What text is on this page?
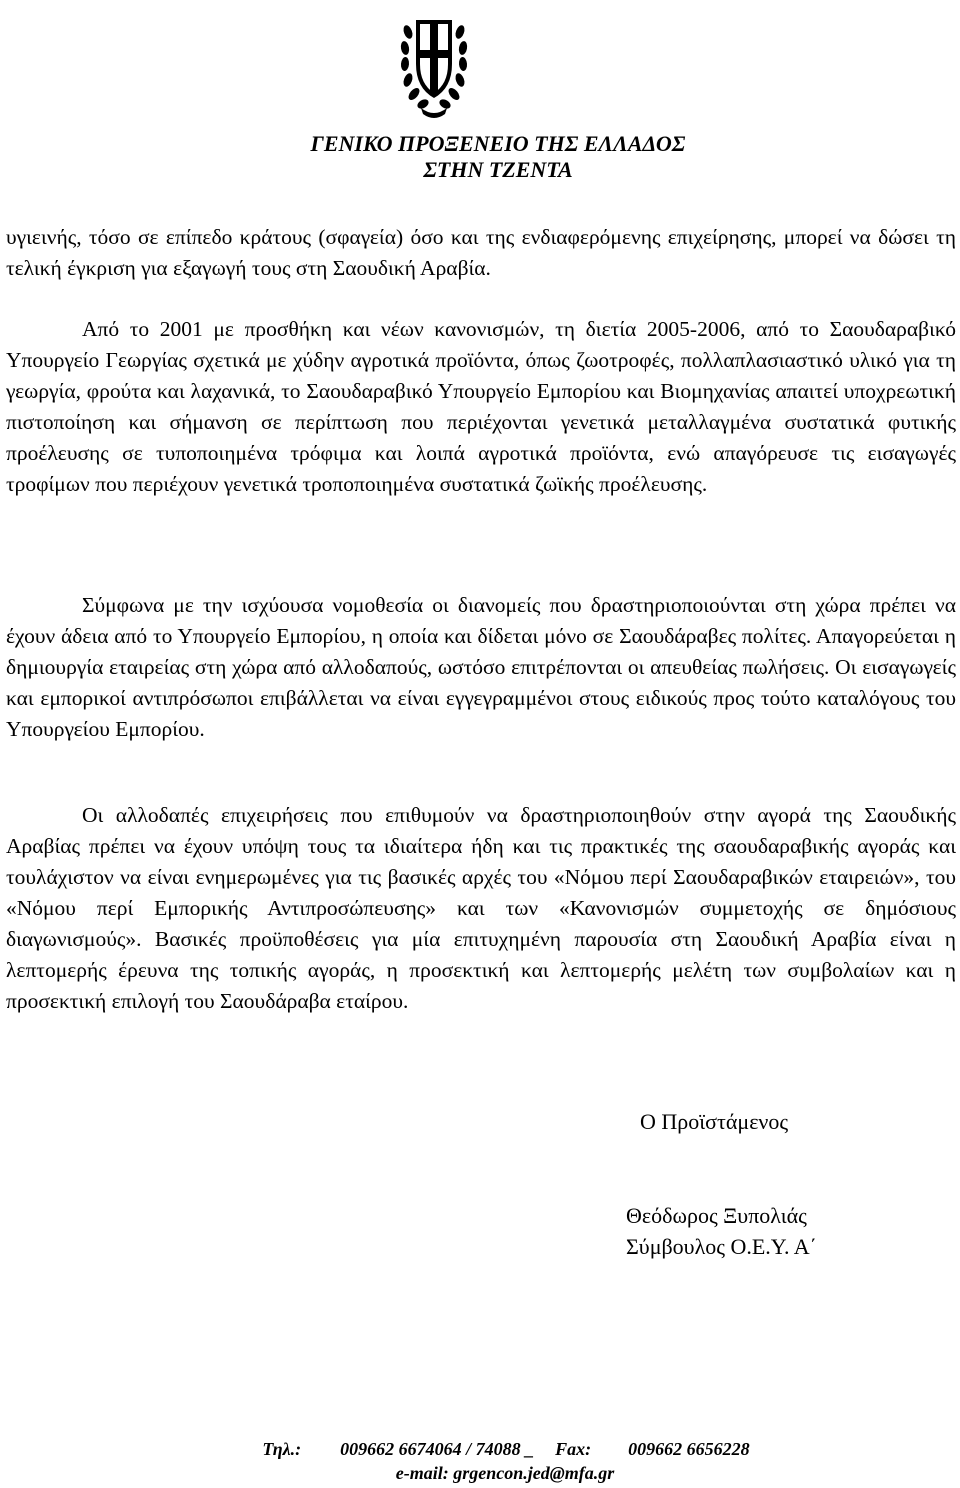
ΓΕΝΙΚΟ ΠΡΟΞΕΝΕΙΟ ΤΗΣ ΕΛΛΑΔΟΣ
ΣΤΗΝ ΤΖΕΝΤΑ

υγιεινής, τόσο σε επίπεδο κράτους (σφαγεία) όσο και της ενδιαφερόμενης επιχείρησης, μπορεί να δώσει τη τελική έγκριση για εξαγωγή τους στη Σαουδική Αραβία.

Από το 2001 με προσθήκη και νέων κανονισμών, τη διετία 2005-2006, από το Σαουδαραβικό Υπουργείο Γεωργίας σχετικά με χύδην αγροτικά προϊόντα, όπως ζωοτροφές, πολλαπλασιαστικό υλικό για τη γεωργία, φρούτα και λαχανικά, το Σαουδαραβικό Υπουργείο Εμπορίου και Βιομηχανίας απαιτεί υποχρεωτική πιστοποίηση και σήμανση σε περίπτωση που περιέχονται γενετικά μεταλλαγμένα συστατικά φυτικής προέλευσης σε τυποποιημένα τρόφιμα και λοιπά αγροτικά προϊόντα, ενώ απαγόρευσε τις εισαγωγές τροφίμων που περιέχουν γενετικά τροποποιημένα συστατικά ζωϊκής προέλευσης.

Σύμφωνα με την ισχύουσα νομοθεσία οι διανομείς που δραστηριοποιούνται στη χώρα πρέπει να έχουν άδεια από το Υπουργείο Εμπορίου, η οποία και δίδεται μόνο σε Σαουδάραβες πολίτες. Απαγορεύεται η δημιουργία εταιρείας στη χώρα από αλλοδαπούς, ωστόσο επιτρέπονται οι απευθείας πωλήσεις. Οι εισαγωγείς και εμπορικοί αντιπρόσωποι επιβάλλεται να είναι εγγεγραμμένοι στους ειδικούς προς τούτο καταλόγους του Υπουργείου Εμπορίου.

Οι αλλοδαπές επιχειρήσεις που επιθυμούν να δραστηριοποιηθούν στην αγορά της Σαουδικής Αραβίας πρέπει να έχουν υπόψη τους τα ιδιαίτερα ήδη και τις πρακτικές της σαουδαραβικής αγοράς και τουλάχιστον να είναι ενημερωμένες για τις βασικές αρχές του «Νόμου περί Σαουδαραβικών εταιρειών», του «Νόμου περί Εμπορικής Αντιπροσώπευσης» και των «Κανονισμών συμμετοχής σε δημόσιους διαγωνισμούς». Βασικές προϋποθέσεις για μία επιτυχημένη παρουσία στη Σαουδική Αραβία είναι η λεπτομερής έρευνα της τοπικής αγοράς, η προσεκτική και λεπτομερής μελέτη των συμβολαίων και η προσεκτική επιλογή του Σαουδάραβα εταίρου.

Ο Προϊστάμενος
Θεόδωρος Ξυπολιάς
Σύμβουλος Ο.Ε.Υ. Α΄
Τηλ.: 009662 6674064 / 74088 _ Fax: 009662 6656228
e-mail: grgencon.jed@mfa.gr
